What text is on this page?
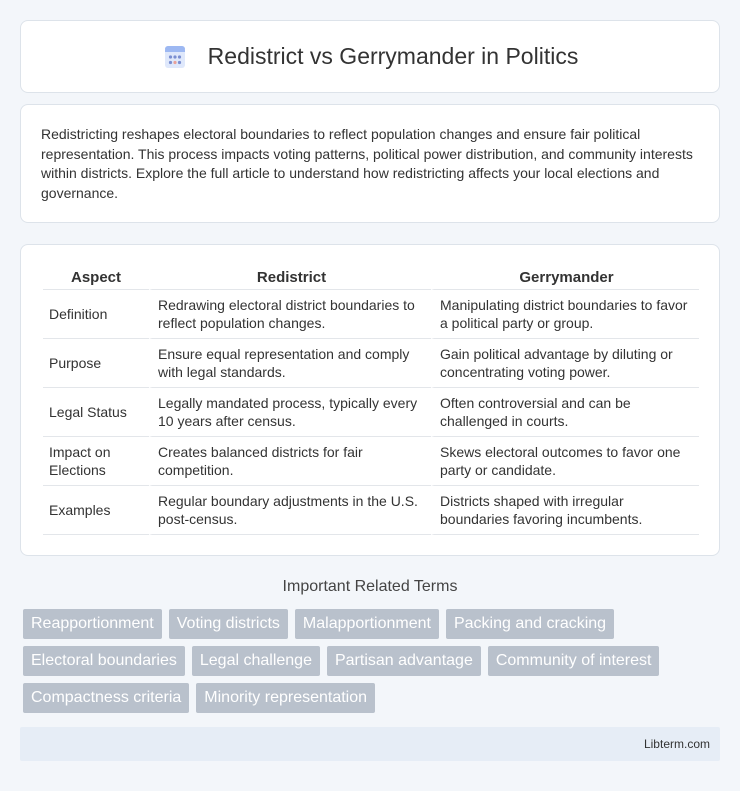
Redistrict vs Gerrymander in Politics

Redistricting reshapes electoral boundaries to reflect population changes and ensure fair political representation. This process impacts voting patterns, political power distribution, and community interests within districts. Explore the full article to understand how redistricting affects your local elections and governance.

Aspect	Redistrict	Gerrymander
Definition	Redrawing electoral district boundaries to reflect population changes.	Manipulating district boundaries to favor a political party or group.
Purpose	Ensure equal representation and comply with legal standards.	Gain political advantage by diluting or concentrating voting power.
Legal Status	Legally mandated process, typically every 10 years after census.	Often controversial and can be challenged in courts.
Impact on Elections	Creates balanced districts for fair competition.	Skews electoral outcomes to favor one party or candidate.
Examples	Regular boundary adjustments in the U.S. post-census.	Districts shaped with irregular boundaries favoring incumbents.
Important Related Terms
Reapportionment	Voting districts	Malapportionment	Packing and cracking
Electoral boundaries	Legal challenge	Partisan advantage	Community of interest
Compactness criteria	Minority representation
Libterm.com
